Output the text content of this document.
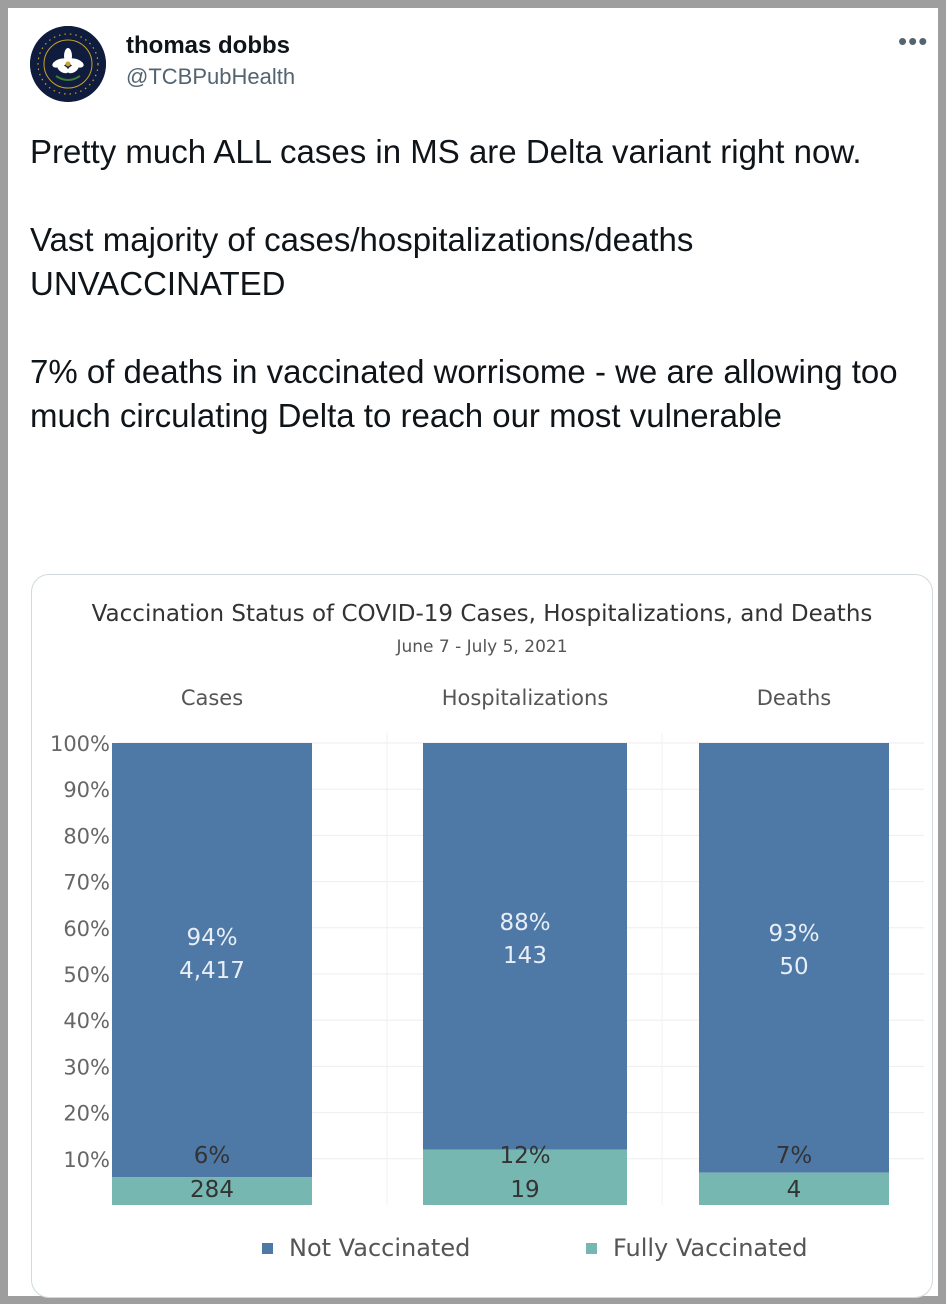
thomas dobbs
@TCBPubHealth
•••

Pretty much ALL cases in MS are Delta variant right now.

Vast majority of cases/hospitalizations/deaths UNVACCINATED

7% of deaths in vaccinated worrisome - we are allowing too much circulating Delta to reach our most vulnerable

Vaccination Status of COVID-19 Cases, Hospitalizations, and Deaths
June 7 - July 5, 2021
100%
90%
80%
70%
60%
50%
40%
30%
20%
10%
Cases
94%
4,417
6%
284
Hospitalizations
88%
143
12%
19
Deaths
93%
50
7%
4
Not Vaccinated	Fully Vaccinated
